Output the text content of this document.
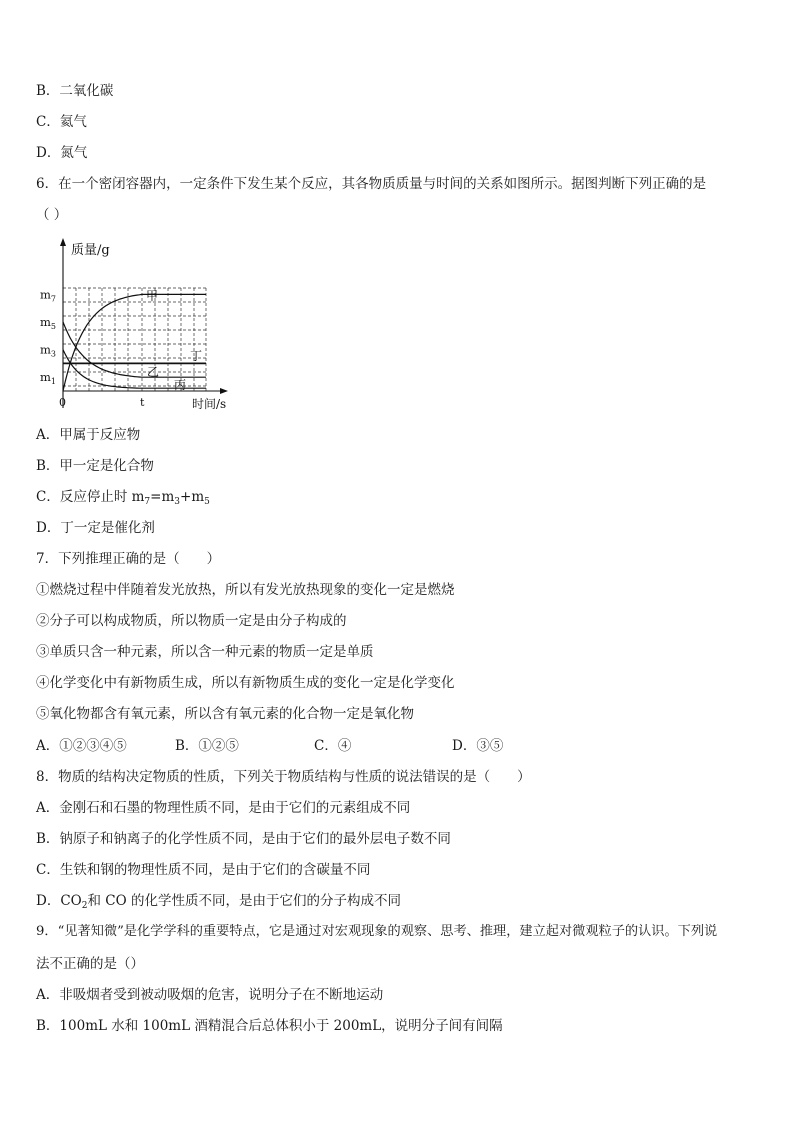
B．二氧化碳
C．氦气
D．氮气
6．在一个密闭容器内，一定条件下发生某个反应，其各物质质量与时间的关系如图所示。据图判断下列正确的是
（ ）
质量/g
时间/s
0	t
$m_7$
$m_5$
$m_3$
$m_1$
甲
乙
丙
丁
A．甲属于反应物
B．甲一定是化合物
C．反应停止时 $m_7=m_3+m_5$
D．丁一定是催化剂
7．下列推理正确的是（　　）
①燃烧过程中伴随着发光放热，所以有发光放热现象的变化一定是燃烧
②分子可以构成物质，所以物质一定是由分子构成的
③单质只含一种元素，所以含一种元素的物质一定是单质
④化学变化中有新物质生成，所以有新物质生成的变化一定是化学变化
⑤氧化物都含有氧元素，所以含有氧元素的化合物一定是氧化物
A．①②③④⑤	B．①②⑤	C．④	D．③⑤
8．物质的结构决定物质的性质，下列关于物质结构与性质的说法错误的是（　　）
A．金刚石和石墨的物理性质不同，是由于它们的元素组成不同
B．钠原子和钠离子的化学性质不同，是由于它们的最外层电子数不同
C．生铁和钢的物理性质不同，是由于它们的含碳量不同
D．$CO_2$和 CO 的化学性质不同，是由于它们的分子构成不同
9．“见著知微”是化学学科的重要特点，它是通过对宏观现象的观察、思考、推理，建立起对微观粒子的认识。下列说
法不正确的是（）
A．非吸烟者受到被动吸烟的危害，说明分子在不断地运动
B．100mL 水和 100mL 酒精混合后总体积小于 200mL，说明分子间有间隔
